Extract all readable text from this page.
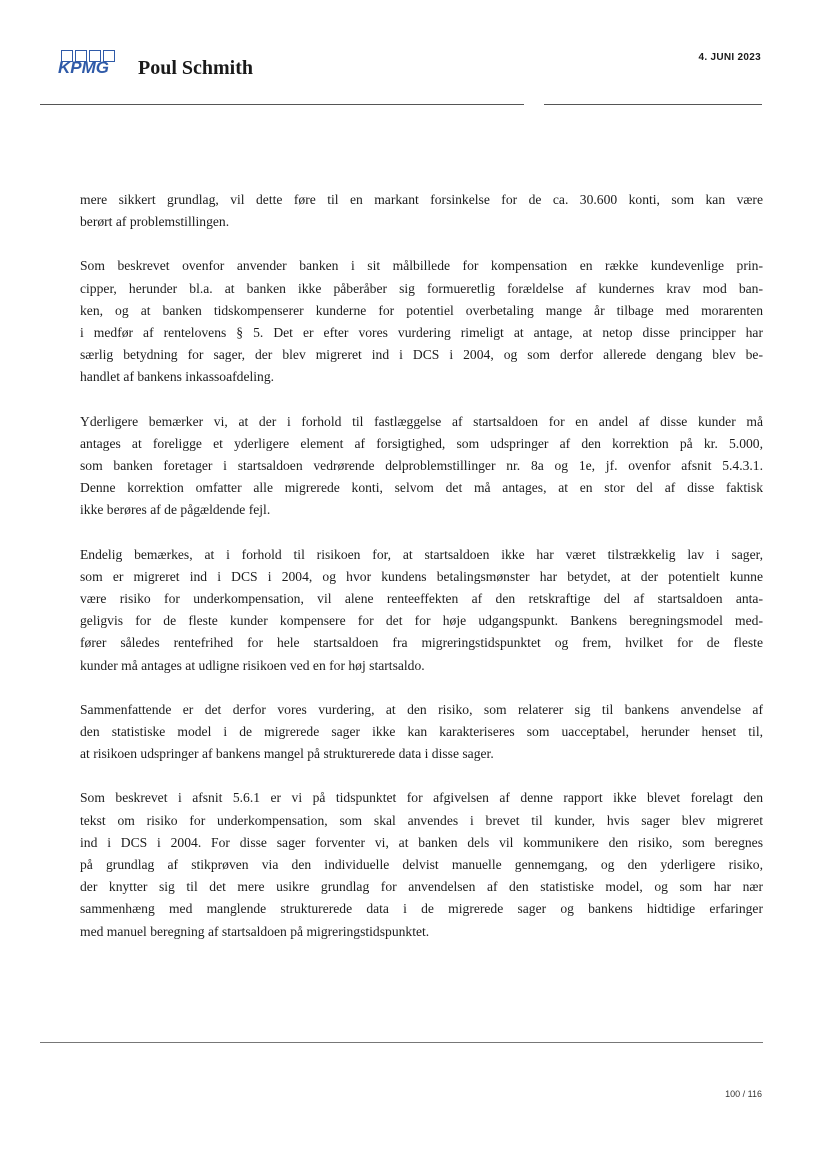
KPMG Poul Schmith	4. JUNI 2023

mere sikkert grundlag, vil dette føre til en markant forsinkelse for de ca. 30.600 konti, som kan være
berørt af problemstillingen.

Som beskrevet ovenfor anvender banken i sit målbillede for kompensation en række kundevenlige prin-
cipper, herunder bl.a. at banken ikke påberåber sig formueretlig forældelse af kundernes krav mod ban-
ken, og at banken tidskompenserer kunderne for potentiel overbetaling mange år tilbage med morarenten
i medfør af rentelovens § 5. Det er efter vores vurdering rimeligt at antage, at netop disse principper har
særlig betydning for sager, der blev migreret ind i DCS i 2004, og som derfor allerede dengang blev be-
handlet af bankens inkassoafdeling.

Yderligere bemærker vi, at der i forhold til fastlæggelse af startsaldoen for en andel af disse kunder må
antages at foreligge et yderligere element af forsigtighed, som udspringer af den korrektion på kr. 5.000,
som banken foretager i startsaldoen vedrørende delproblemstillinger nr. 8a og 1e, jf. ovenfor afsnit 5.4.3.1.
Denne korrektion omfatter alle migrerede konti, selvom det må antages, at en stor del af disse faktisk
ikke berøres af de pågældende fejl.

Endelig bemærkes, at i forhold til risikoen for, at startsaldoen ikke har været tilstrækkelig lav i sager,
som er migreret ind i DCS i 2004, og hvor kundens betalingsmønster har betydet, at der potentielt kunne
være risiko for underkompensation, vil alene renteeffekten af den retskraftige del af startsaldoen anta-
geligvis for de fleste kunder kompensere for det for høje udgangspunkt. Bankens beregningsmodel med-
fører således rentefrihed for hele startsaldoen fra migreringstidspunktet og frem, hvilket for de fleste
kunder må antages at udligne risikoen ved en for høj startsaldo.

Sammenfattende er det derfor vores vurdering, at den risiko, som relaterer sig til bankens anvendelse af
den statistiske model i de migrerede sager ikke kan karakteriseres som uacceptabel, herunder henset til,
at risikoen udspringer af bankens mangel på strukturerede data i disse sager.

Som beskrevet i afsnit 5.6.1 er vi på tidspunktet for afgivelsen af denne rapport ikke blevet forelagt den
tekst om risiko for underkompensation, som skal anvendes i brevet til kunder, hvis sager blev migreret
ind i DCS i 2004. For disse sager forventer vi, at banken dels vil kommunikere den risiko, som beregnes
på grundlag af stikprøven via den individuelle delvist manuelle gennemgang, og den yderligere risiko,
der knytter sig til det mere usikre grundlag for anvendelsen af den statistiske model, og som har nær
sammenhæng med manglende strukturerede data i de migrerede sager og bankens hidtidige erfaringer
med manuel beregning af startsaldoen på migreringstidspunktet.

100 / 116
